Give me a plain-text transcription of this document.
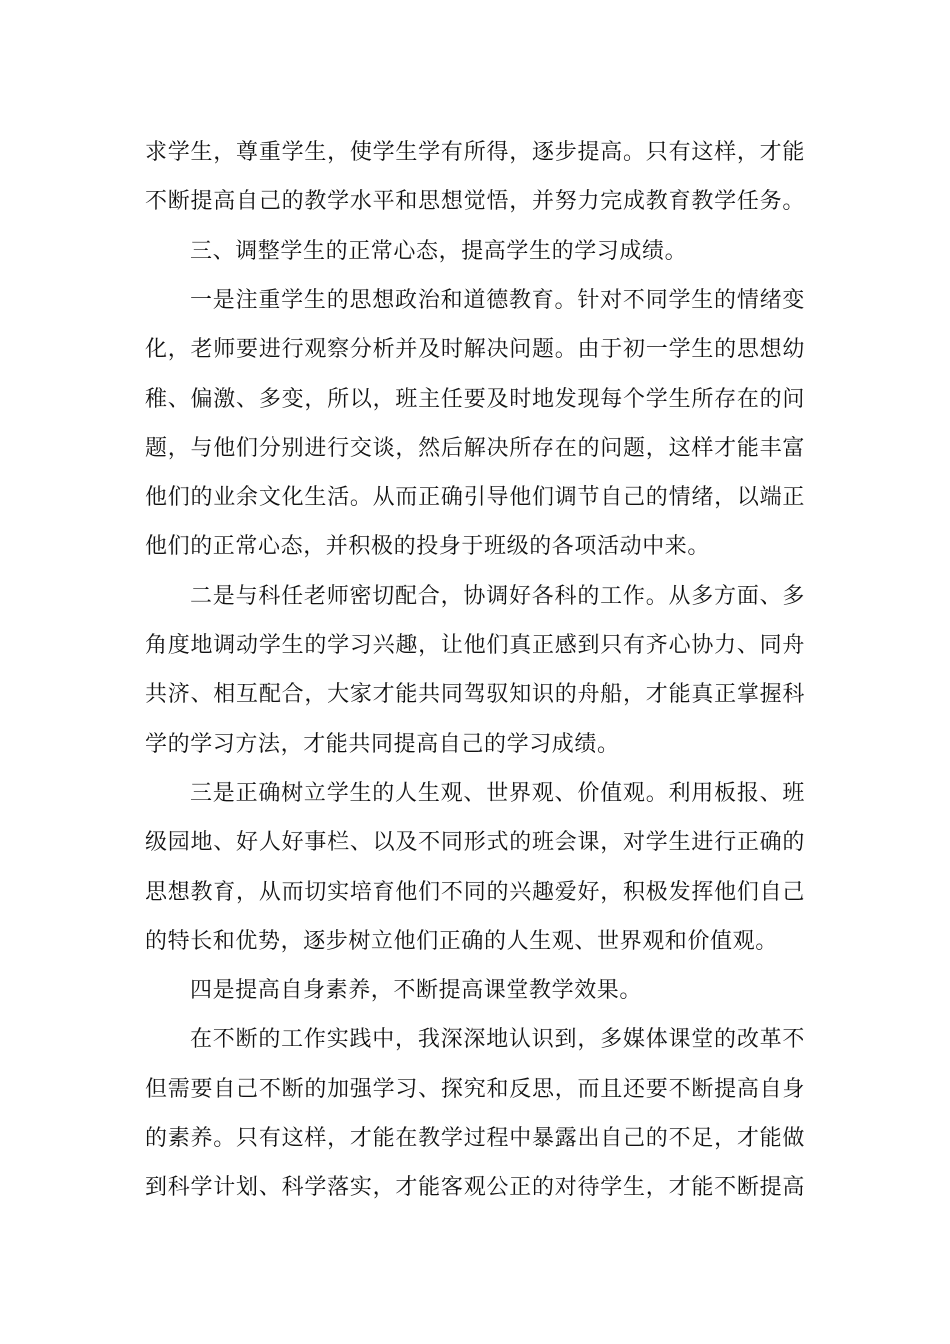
求学生，尊重学生，使学生学有所得，逐步提高。只有这样，才能
不断提高自己的教学水平和思想觉悟，并努力完成教育教学任务。
三、调整学生的正常心态，提高学生的学习成绩。
一是注重学生的思想政治和道德教育。针对不同学生的情绪变
化，老师要进行观察分析并及时解决问题。由于初一学生的思想幼
稚、偏激、多变，所以，班主任要及时地发现每个学生所存在的问
题，与他们分别进行交谈，然后解决所存在的问题，这样才能丰富
他们的业余文化生活。从而正确引导他们调节自己的情绪，以端正
他们的正常心态，并积极的投身于班级的各项活动中来。
二是与科任老师密切配合，协调好各科的工作。从多方面、多
角度地调动学生的学习兴趣，让他们真正感到只有齐心协力、同舟
共济、相互配合，大家才能共同驾驭知识的舟船，才能真正掌握科
学的学习方法，才能共同提高自己的学习成绩。
三是正确树立学生的人生观、世界观、价值观。利用板报、班
级园地、好人好事栏、以及不同形式的班会课，对学生进行正确的
思想教育，从而切实培育他们不同的兴趣爱好，积极发挥他们自己
的特长和优势，逐步树立他们正确的人生观、世界观和价值观。
四是提高自身素养，不断提高课堂教学效果。
在不断的工作实践中，我深深地认识到，多媒体课堂的改革不
但需要自己不断的加强学习、探究和反思，而且还要不断提高自身
的素养。只有这样，才能在教学过程中暴露出自己的不足，才能做
到科学计划、科学落实，才能客观公正的对待学生，才能不断提高
